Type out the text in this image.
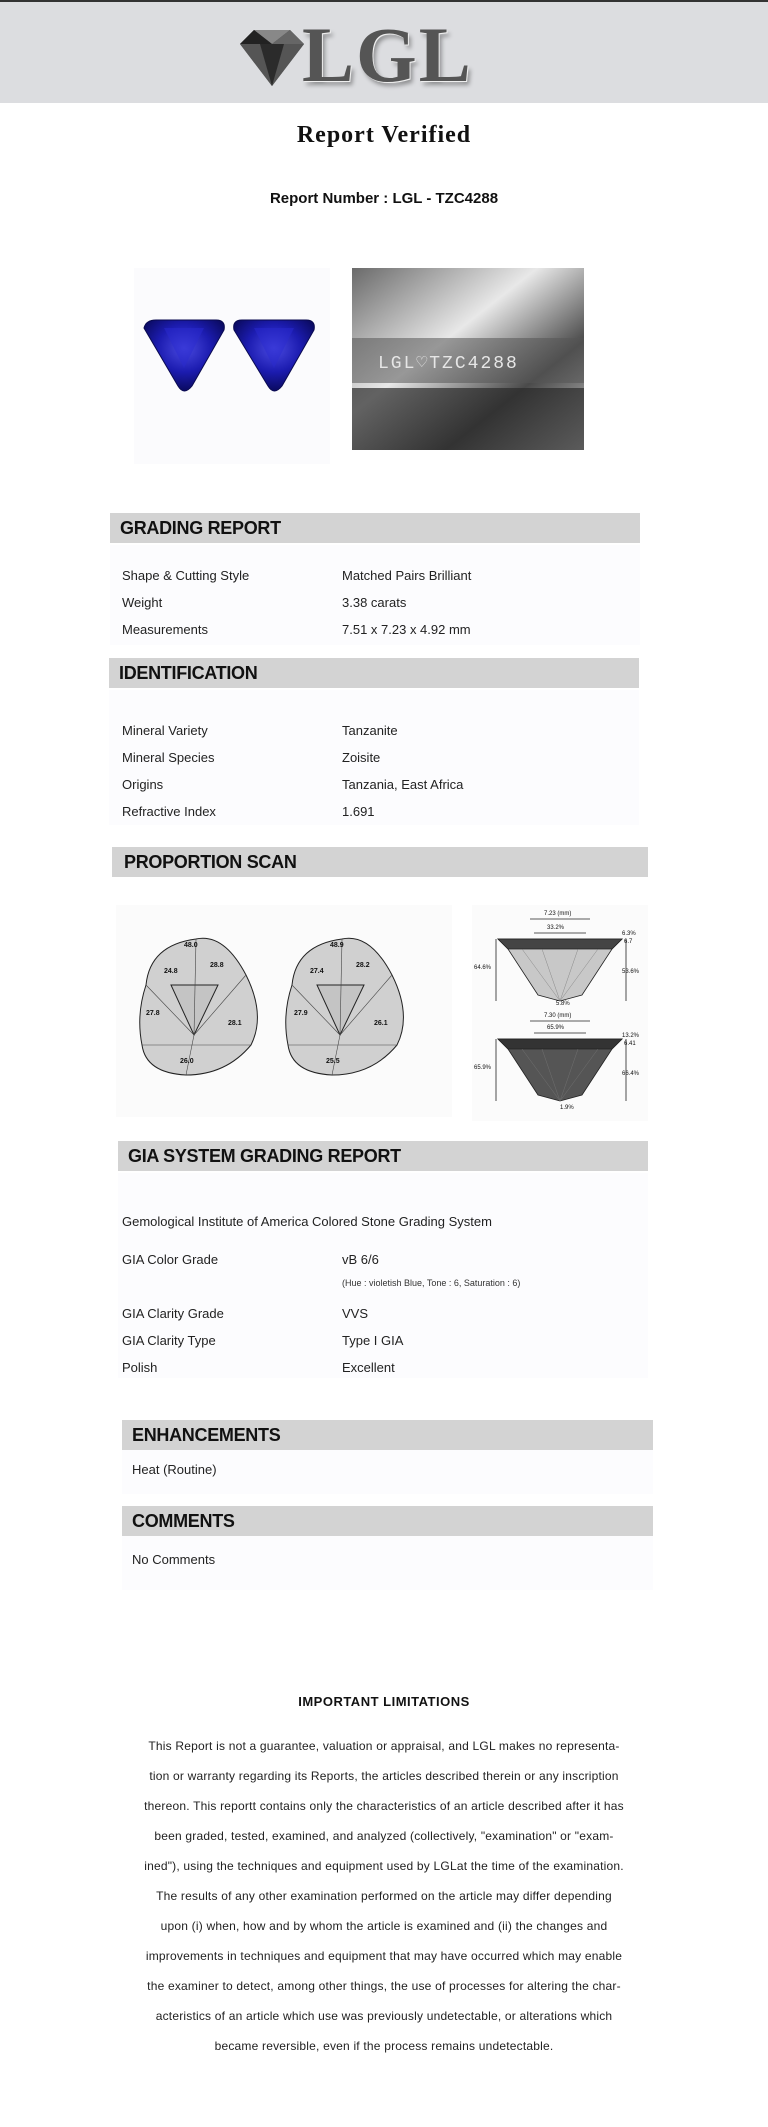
LGL
Report Verified
Report Number : LGL - TZC4288
LGL♡TZC4288
GRADING REPORT
Shape & Cutting Style	Matched Pairs Brilliant
Weight	3.38 carats
Measurements	7.51 x 7.23 x 4.92 mm
IDENTIFICATION
Mineral Variety	Tanzanite
Mineral Species	Zoisite
Origins	Tanzania, East Africa
Refractive Index	1.691
PROPORTION SCAN
48.0
24.8
28.8
27.8
28.1
26.0
48.9
27.4
28.2
27.9
26.1
25.5
7.23 (mm)
33.2%
6.3%
6.7
64.6%
53.6%
5.8%
7.30 (mm)
65.9%
65.9%
13.2%
6.41
66.4%
1.9%
GIA SYSTEM GRADING REPORT
Gemological Institute of America Colored Stone Grading System
GIA Color Grade	vB 6/6
(Hue : violetish Blue, Tone : 6, Saturation : 6)
GIA Clarity Grade	VVS
GIA Clarity Type	Type I GIA
Polish	Excellent
ENHANCEMENTS
Heat (Routine)
COMMENTS
No Comments
IMPORTANT LIMITATIONS
This Report is not a guarantee, valuation or appraisal, and LGL makes no representa-
tion or warranty regarding its Reports, the articles described therein or any inscription
thereon. This reportt contains only the characteristics of an article described after it has
been graded, tested, examined, and analyzed (collectively, "examination" or "exam-
ined"), using the techniques and equipment used by LGLat the time of the examination.
The results of any other examination performed on the article may differ depending
upon (i) when, how and by whom the article is examined and (ii) the changes and
improvements in techniques and equipment that may have occurred which may enable
the examiner to detect, among other things, the use of processes for altering the char-
acteristics of an article which use was previously undetectable, or alterations which
became reversible, even if the process remains undetectable.
